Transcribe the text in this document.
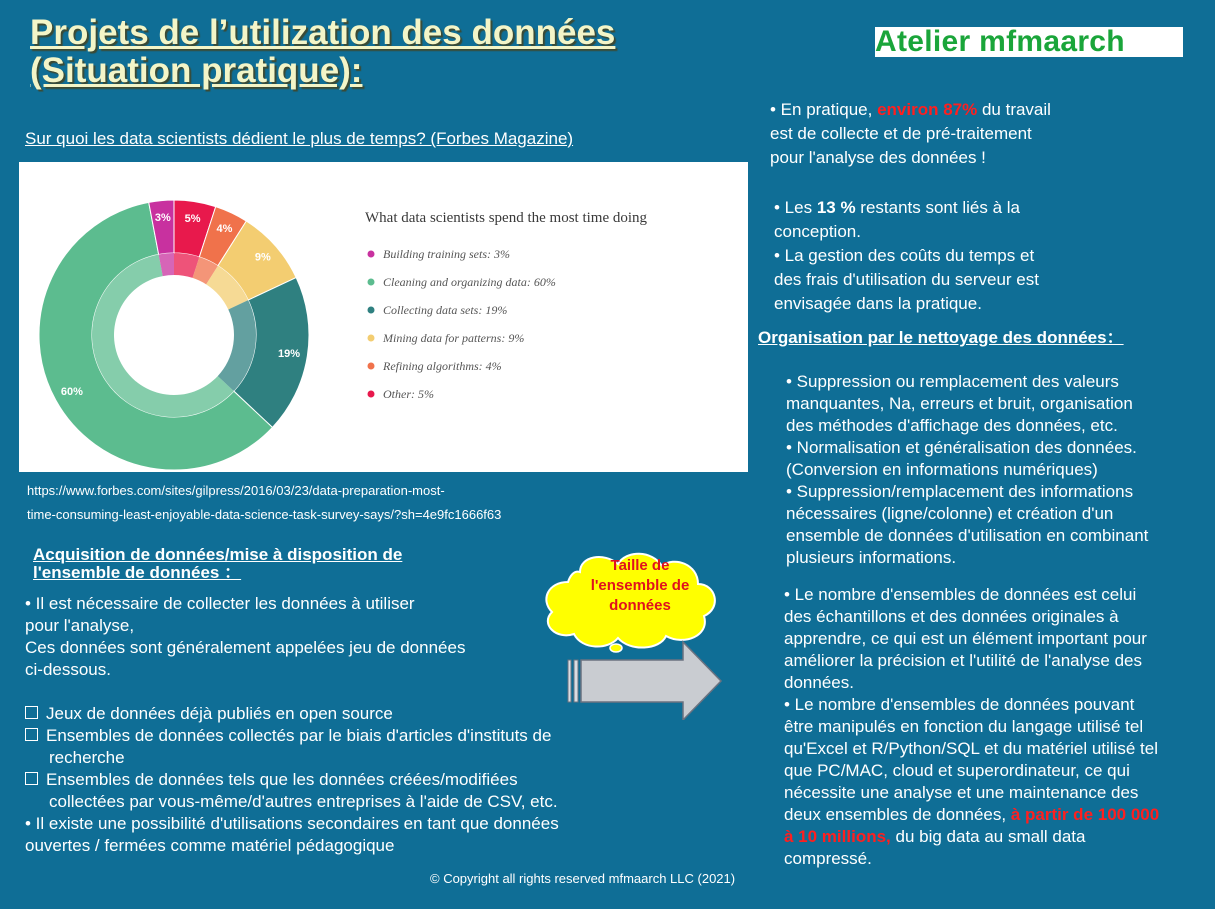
Projets de l’utilization des données
(Situation pratique):
Atelier mfmaarch
Sur quoi les data scientists dédient le plus de temps? (Forbes Magazine)
5%
4%
9%
19%
60%
3%	What data scientists spend the most time doing
Building training sets: 3%
Cleaning and organizing data: 60%
Collecting data sets: 19%
Mining data for patterns: 9%
Refining algorithms: 4%
Other: 5%
https://www.forbes.com/sites/gilpress/2016/03/23/data-preparation-most-
time-consuming-least-enjoyable-data-science-task-survey-says/?sh=4e9fc1666f63
Acquisition de données/mise à disposition de
l'ensemble de données ：

• Il est nécessaire de collecter les données à utiliser

pour l'analyse,

Ces données sont généralement appelées jeu de données

ci-dessous.

Jeux de données déjà publiés en open source

Ensembles de données collectés par le biais d'articles d'instituts de

recherche

Ensembles de données tels que les données créées/modifiées

collectées par vous-même/d'autres entreprises à l'aide de CSV, etc.

• Il existe une possibilité d'utilisations secondaires en tant que données

ouvertes / fermées comme matériel pédagogique

Taille de
l'ensemble de
données

• En pratique, environ 87% du travail

est de collecte et de pré-traitement

pour l'analyse des données !

• Les 13 % restants sont liés à la

conception.

• La gestion des coûts du temps et

des frais d'utilisation du serveur est

envisagée dans la pratique.

Organisation par le nettoyage des données：

• Suppression ou remplacement des valeurs

manquantes, Na, erreurs et bruit, organisation

des méthodes d'affichage des données, etc.

• Normalisation et généralisation des données.

(Conversion en informations numériques)

• Suppression/remplacement des informations

nécessaires (ligne/colonne) et création d'un

ensemble de données d'utilisation en combinant

plusieurs informations.

• Le nombre d'ensembles de données est celui

des échantillons et des données originales à

apprendre, ce qui est un élément important pour

améliorer la précision et l'utilité de l'analyse des

données.

• Le nombre d'ensembles de données pouvant

être manipulés en fonction du langage utilisé tel

qu'Excel et R/Python/SQL et du matériel utilisé tel

que PC/MAC, cloud et superordinateur, ce qui

nécessite une analyse et une maintenance des

deux ensembles de données, à partir de 100 000

à 10 millions, du big data au small data

compressé.

© Copyright all rights reserved mfmaarch LLC (2021)
